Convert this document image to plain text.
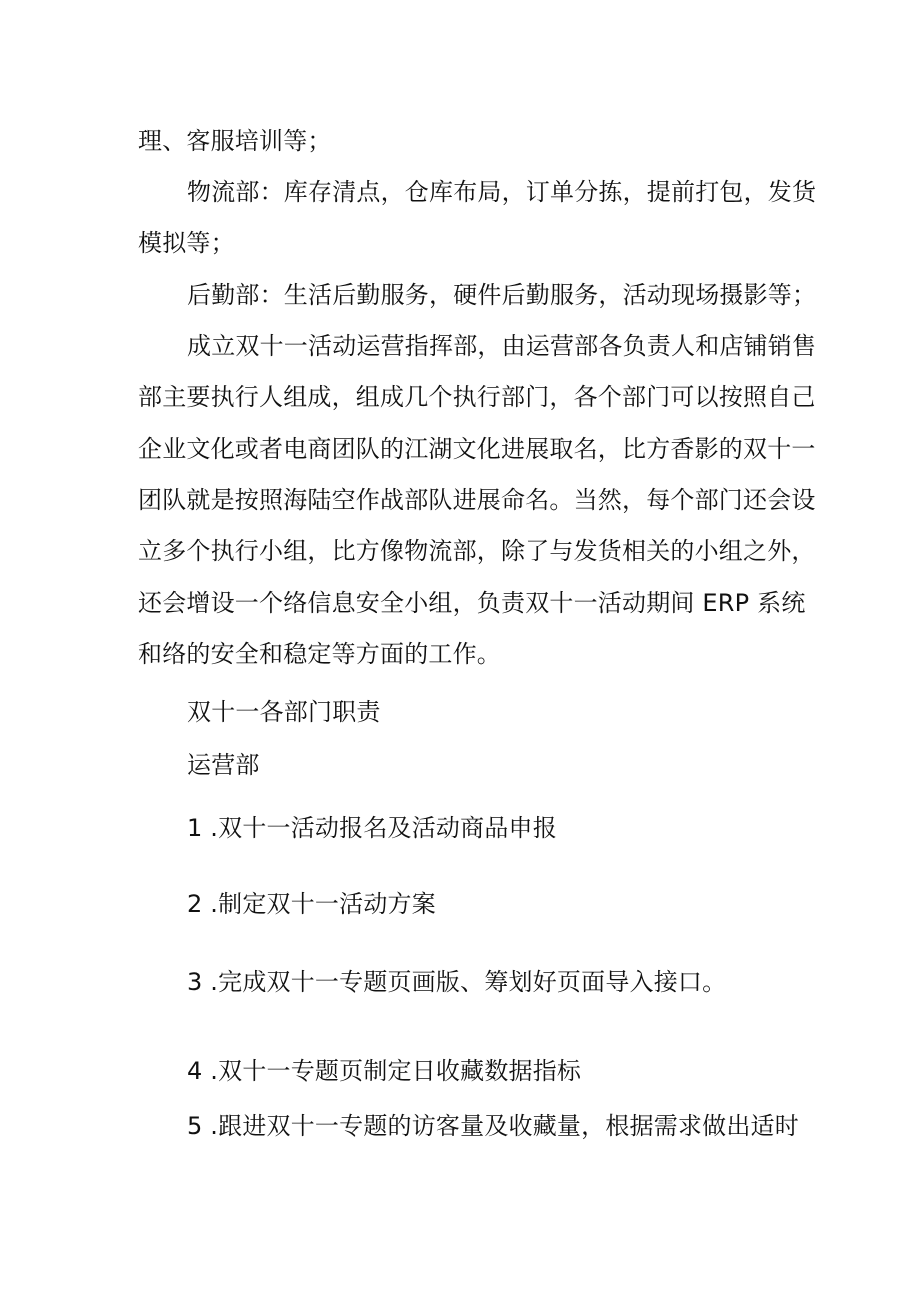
理、客服培训等；
物流部：库存清点，仓库布局，订单分拣，提前打包，发货
模拟等；
后勤部：生活后勤服务，硬件后勤服务，活动现场摄影等；
成立双十一活动运营指挥部，由运营部各负责人和店铺销售
部主要执行人组成，组成几个执行部门，各个部门可以按照自己
企业文化或者电商团队的江湖文化进展取名，比方香影的双十一
团队就是按照海陆空作战部队进展命名。当然，每个部门还会设
立多个执行小组，比方像物流部，除了与发货相关的小组之外，
还会增设一个络信息安全小组，负责双十一活动期间 ERP 系统
和络的安全和稳定等方面的工作。
双十一各部门职责
运营部
1 .双十一活动报名及活动商品申报
2 .制定双十一活动方案
3 .完成双十一专题页画版、筹划好页面导入接口。
4 .双十一专题页制定日收藏数据指标
5 .跟进双十一专题的访客量及收藏量，根据需求做出适时
